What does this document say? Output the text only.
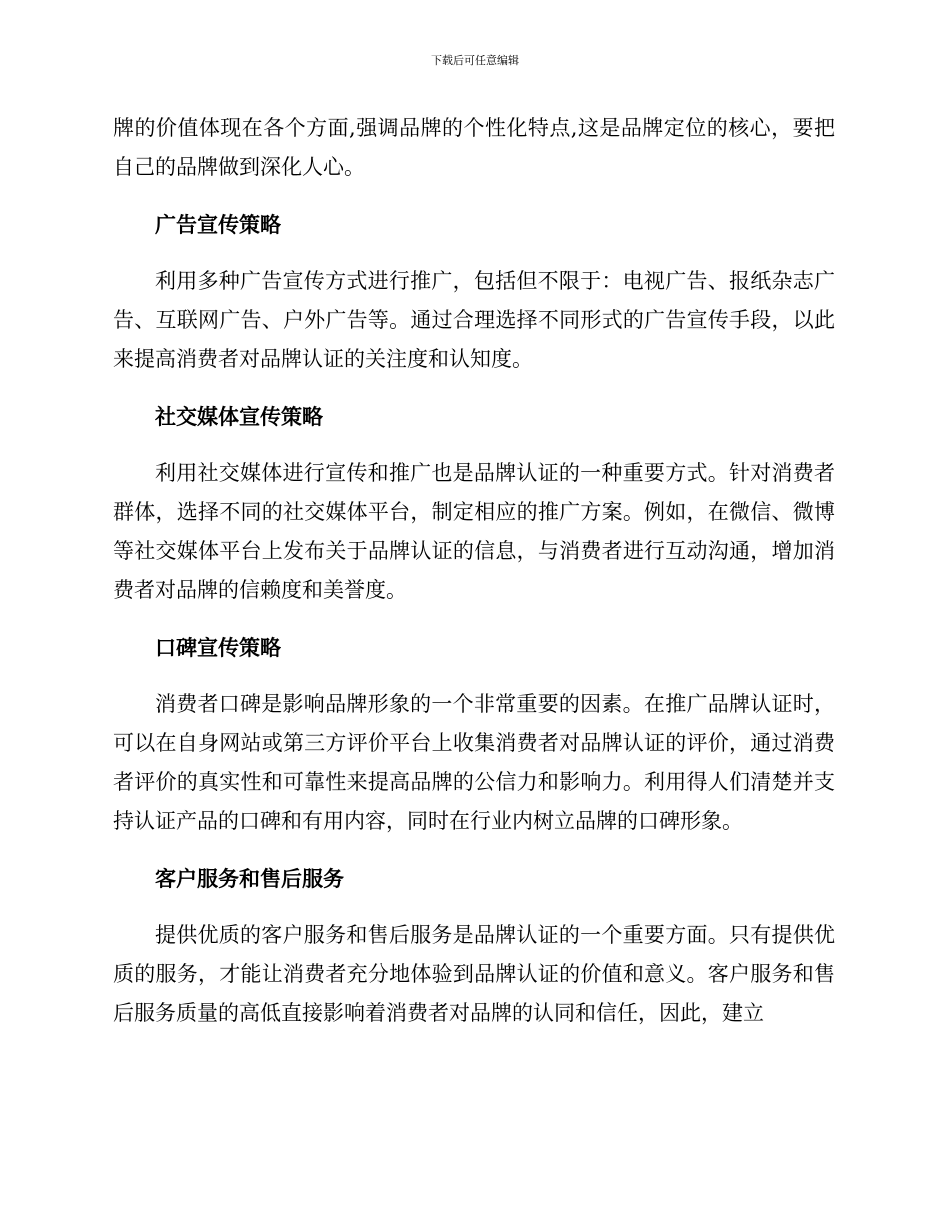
下载后可任意编辑

牌的价值体现在各个方面,强调品牌的个性化特点,这是品牌定位的核心，要把自己的品牌做到深化人心。

广告宣传策略

利用多种广告宣传方式进行推广，包括但不限于：电视广告、报纸杂志广告、互联网广告、户外广告等。通过合理选择不同形式的广告宣传手段，以此来提高消费者对品牌认证的关注度和认知度。

社交媒体宣传策略

利用社交媒体进行宣传和推广也是品牌认证的一种重要方式。针对消费者群体，选择不同的社交媒体平台，制定相应的推广方案。例如，在微信、微博等社交媒体平台上发布关于品牌认证的信息，与消费者进行互动沟通，增加消费者对品牌的信赖度和美誉度。

口碑宣传策略

消费者口碑是影响品牌形象的一个非常重要的因素。在推广品牌认证时，可以在自身网站或第三方评价平台上收集消费者对品牌认证的评价，通过消费者评价的真实性和可靠性来提高品牌的公信力和影响力。利用得人们清楚并支持认证产品的口碑和有用内容，同时在行业内树立品牌的口碑形象。

客户服务和售后服务

提供优质的客户服务和售后服务是品牌认证的一个重要方面。只有提供优质的服务，才能让消费者充分地体验到品牌认证的价值和意义。客户服务和售后服务质量的高低直接影响着消费者对品牌的认同和信任，因此，建立
